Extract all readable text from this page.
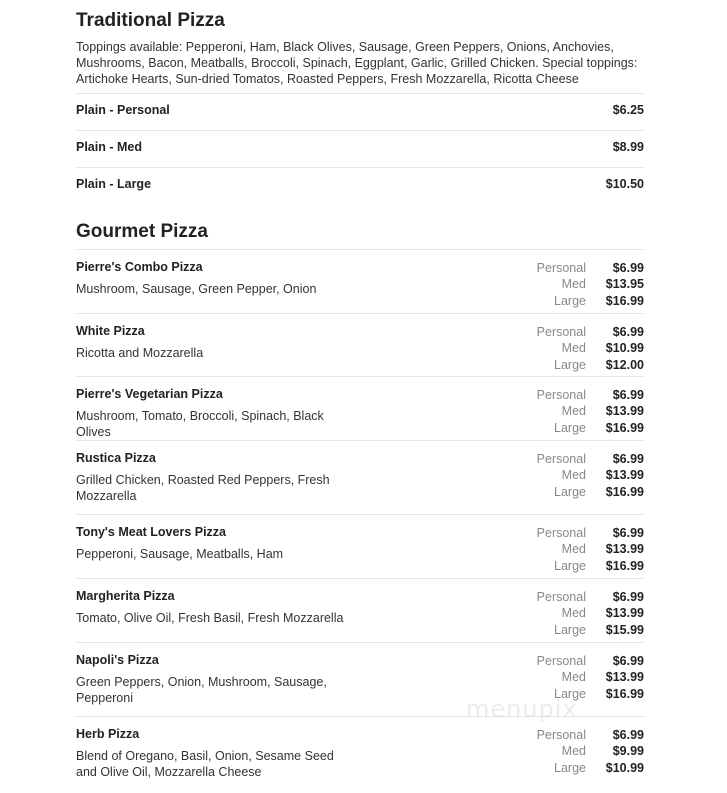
Traditional Pizza
Toppings available: Pepperoni, Ham, Black Olives, Sausage, Green Peppers, Onions, Anchovies, Mushrooms, Bacon, Meatballs, Broccoli, Spinach, Eggplant, Garlic, Grilled Chicken. Special toppings: Artichoke Hearts, Sun-dried Tomatos, Roasted Peppers, Fresh Mozzarella, Ricotta Cheese
Plain - Personal	$6.25
Plain - Med	$8.99
Plain - Large	$10.50
Gourmet Pizza
Pierre's Combo Pizza
Mushroom, Sausage, Green Pepper, Onion
Personal $6.99
Med $13.95
Large $16.99
White Pizza
Ricotta and Mozzarella
Personal $6.99
Med $10.99
Large $12.00
Pierre's Vegetarian Pizza
Mushroom, Tomato, Broccoli, Spinach, Black Olives
Personal $6.99
Med $13.99
Large $16.99
Rustica Pizza
Grilled Chicken, Roasted Red Peppers, Fresh Mozzarella
Personal $6.99
Med $13.99
Large $16.99
Tony's Meat Lovers Pizza
Pepperoni, Sausage, Meatballs, Ham
Personal $6.99
Med $13.99
Large $16.99
Margherita Pizza
Tomato, Olive Oil, Fresh Basil, Fresh Mozzarella
Personal $6.99
Med $13.99
Large $15.99
Napoli's Pizza
Green Peppers, Onion, Mushroom, Sausage, Pepperoni
Personal $6.99
Med $13.99
Large $16.99
Herb Pizza
Blend of Oregano, Basil, Onion, Sesame Seed and Olive Oil, Mozzarella Cheese
Personal $6.99
Med $9.99
Large $10.99
menupix
